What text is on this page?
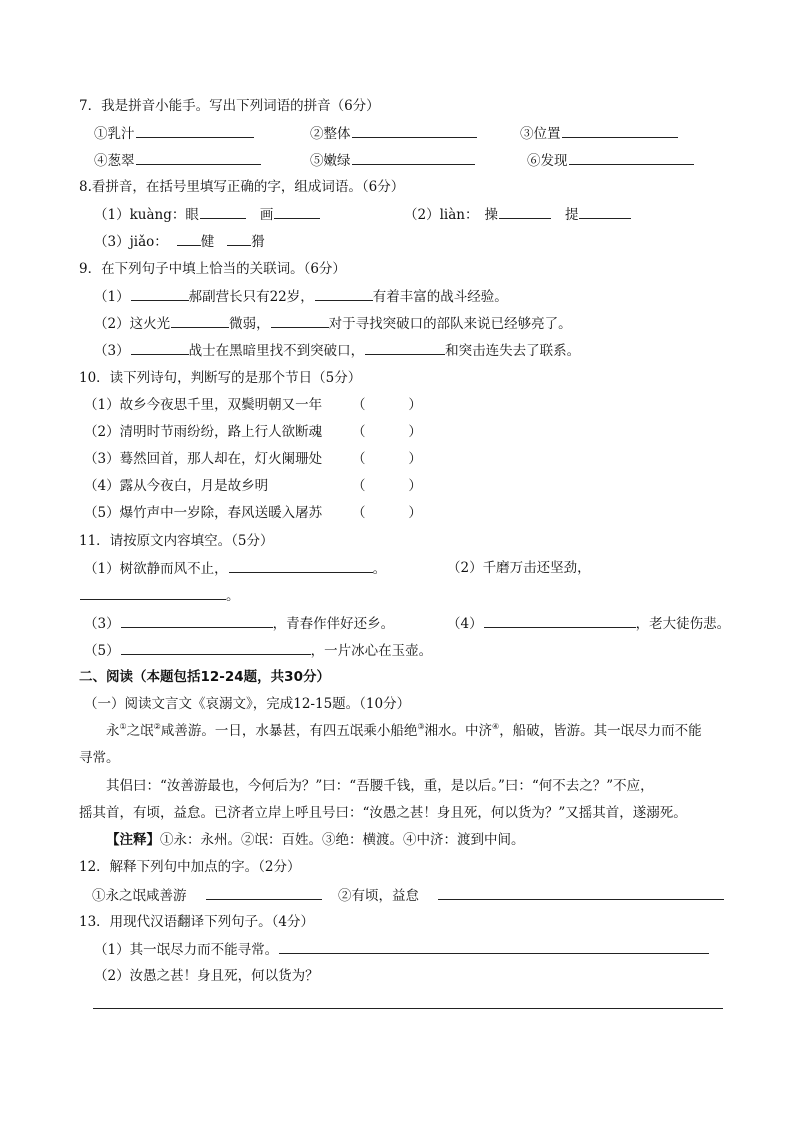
7．我是拼音小能手。写出下列词语的拼音（6分）
①乳汁	②整体	③位置
④葱翠	⑤嫩绿	⑥发现
8.看拼音，在括号里填写正确的字，组成词语。（6分）
（1）kuàng：眼	画	（2）liàn： 操	提
（3）jiǎo： 健	猾
9．在下列句子中填上恰当的关联词。（6分）
（1）	郝副营长只有22岁，	有着丰富的战斗经验。
（2）这火光	微弱，	对于寻找突破口的部队来说已经够亮了。
（3）	战士在黑暗里找不到突破口，	和突击连失去了联系。
10．读下列诗句，判断写的是那个节日（5分）
（1）故乡今夜思千里，双鬓明朝又一年 （          ）
（2）清明时节雨纷纷，路上行人欲断魂 （          ）
（3）蓦然回首，那人却在，灯火阑珊处 （          ）
（4）露从今夜白，月是故乡明	（          ）
（5）爆竹声中一岁除，春风送暖入屠苏 （          ）
11．请按原文内容填空。（5分）
（1）树欲静而风不止，	。	（2）千磨万击还坚劲，
。
（3）	，青春作伴好还乡。	（4）	，老大徒伤悲。
（5）	，一片冰心在玉壶。
二、阅读（本题包括12-24题，共30分）
（一）阅读文言文《哀溺文》，完成12-15题。（10分）
永①之氓②咸善游。一日，水暴甚，有四五氓乘小船绝③湘水。中济④，船破，皆游。其一氓尽力而不能
寻常。
其侣曰：“汝善游最也，今何后为？”曰：“吾腰千钱，重，是以后。”曰：“何不去之？”不应，
摇其首，有顷，益怠。已济者立岸上呼且号曰：“汝愚之甚！身且死，何以货为？”又摇其首，遂溺死。
【注释】①永：永州。②氓：百姓。③绝：横渡。④中济：渡到中间。
12．解释下列句中加点的字。（2分）
①永之氓咸善游	②有顷，益怠
13．用现代汉语翻译下列句子。（4分）
（1）其一氓尽力而不能寻常。
（2）汝愚之甚！身且死，何以货为？
